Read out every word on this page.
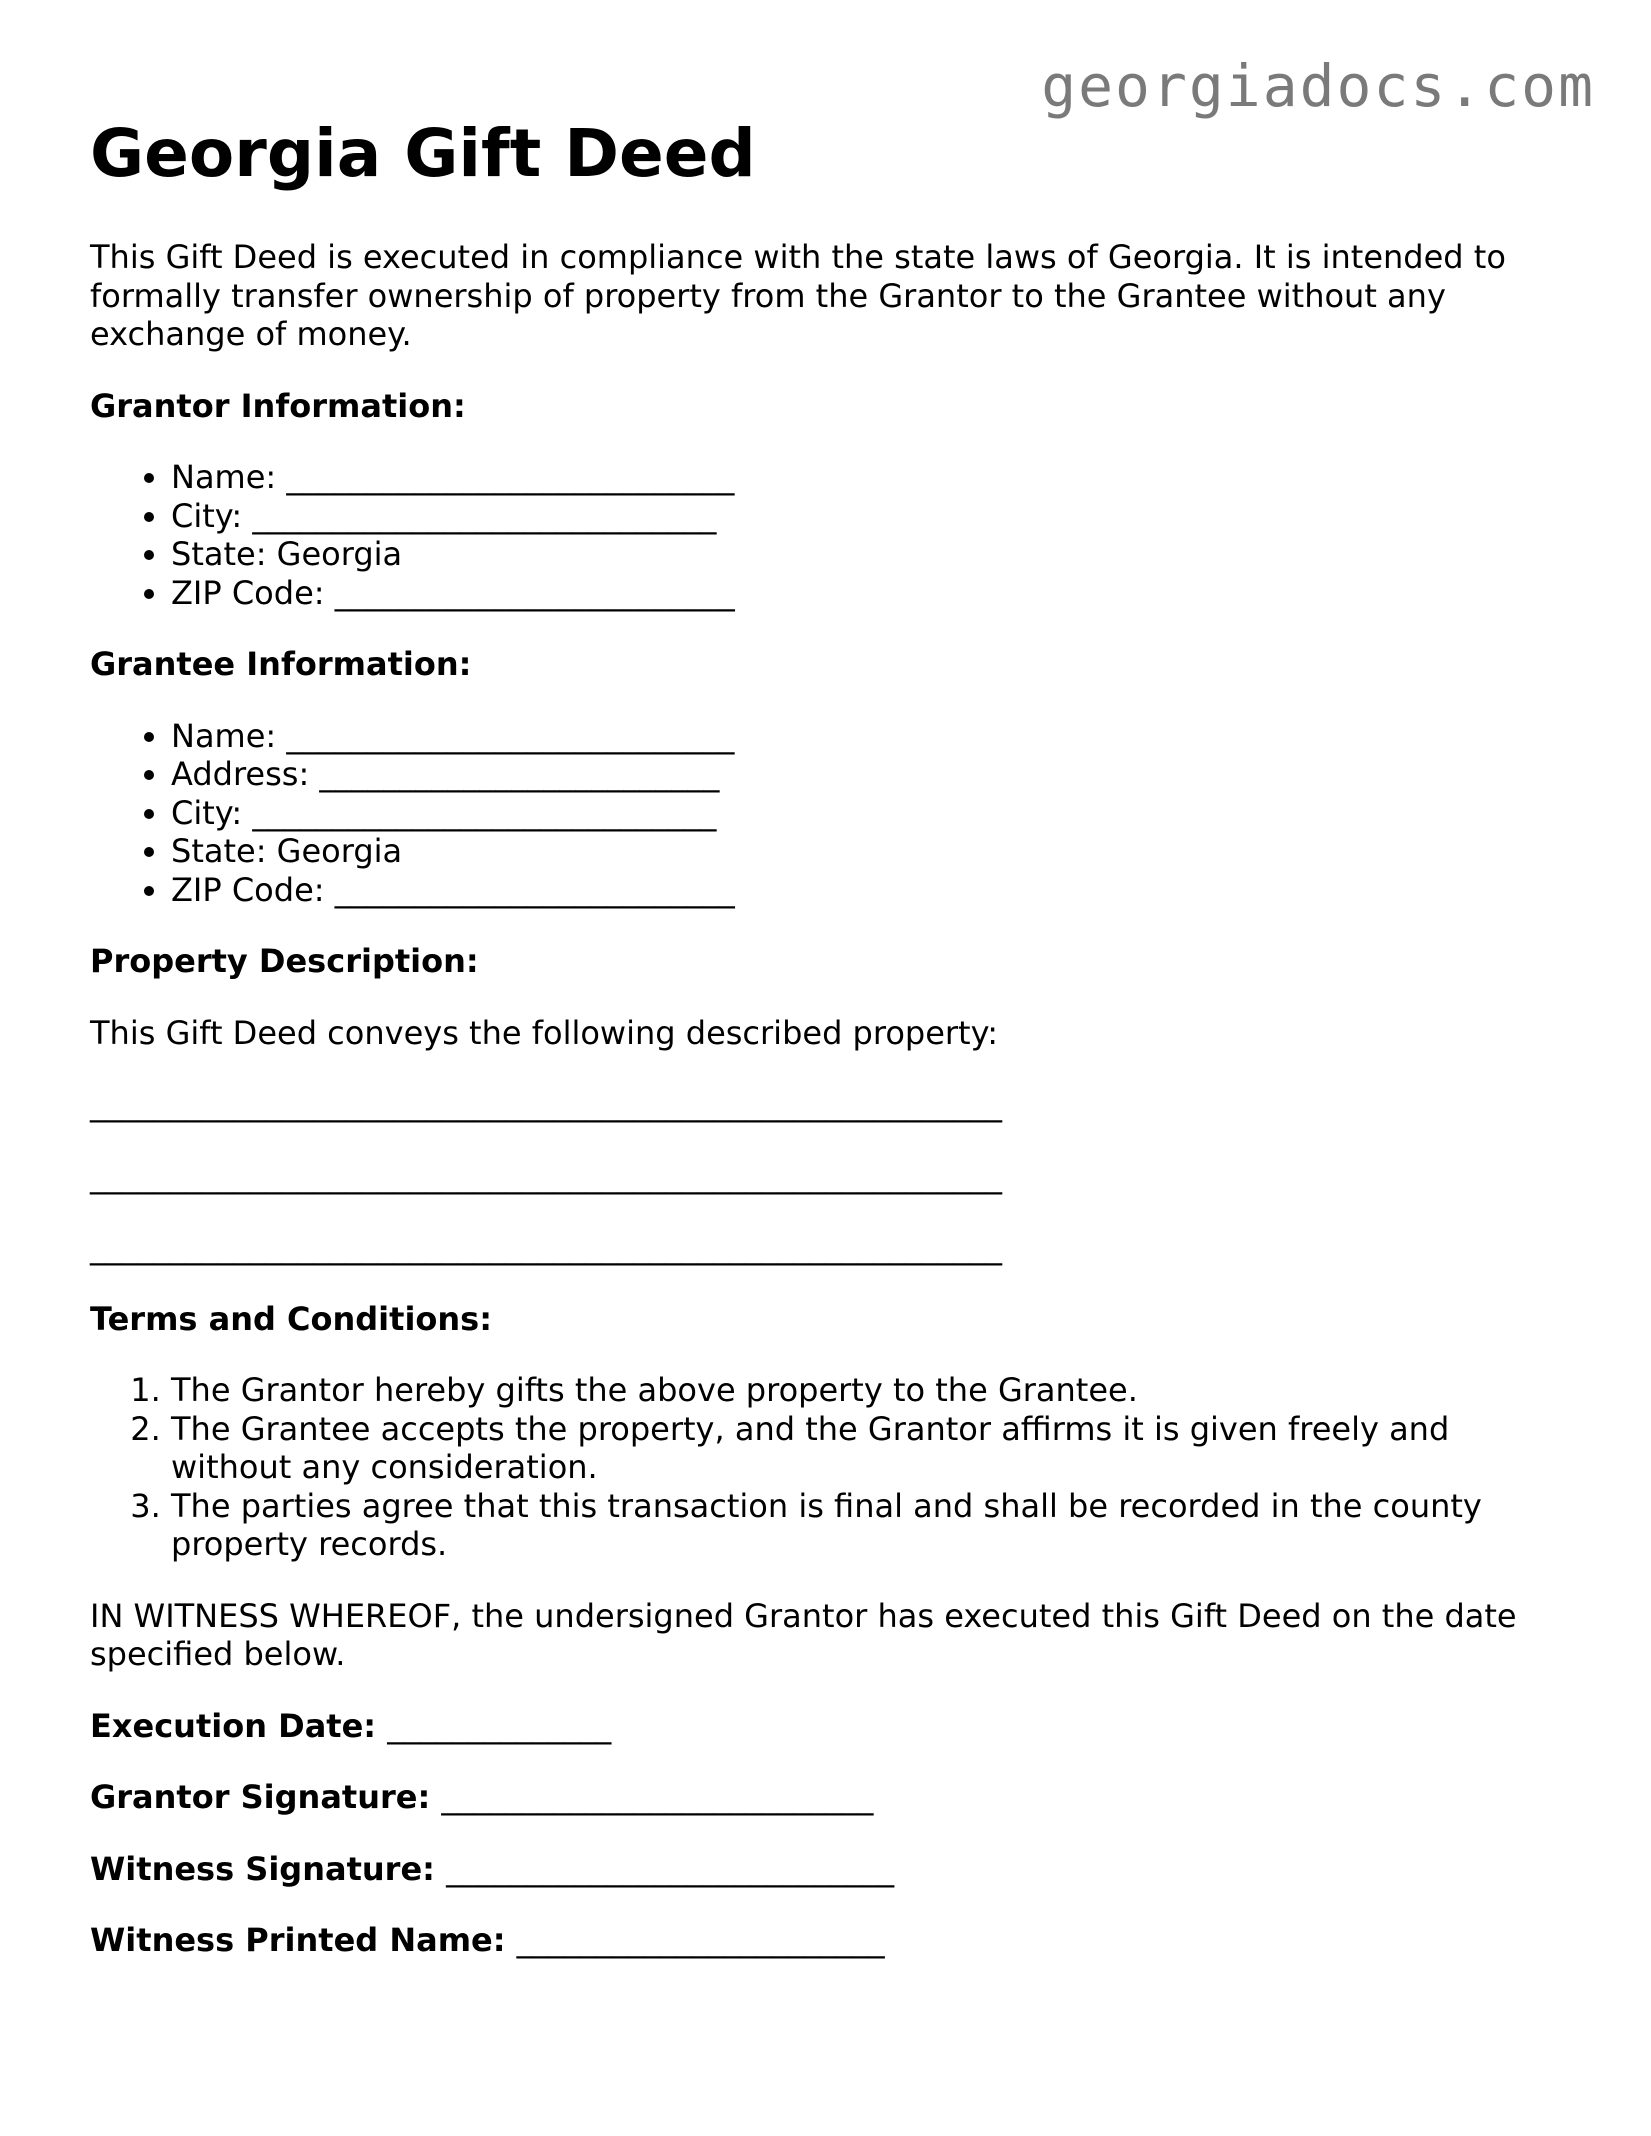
georgiadocs.com
Georgia Gift Deed

This Gift Deed is executed in compliance with the state laws of Georgia. It is intended to formally transfer ownership of property from the Grantor to the Grantee without any exchange of money.

Grantor Information:

• Name: ____________________________
• City: _____________________________
• State: Georgia
• ZIP Code: _________________________

Grantee Information:

• Name: ____________________________
• Address: _________________________
• City: _____________________________
• State: Georgia
• ZIP Code: _________________________

Property Description:

This Gift Deed conveys the following described property:

_________________________________________________________

_________________________________________________________

_________________________________________________________

Terms and Conditions:

1. The Grantor hereby gifts the above property to the Grantee.
2. The Grantee accepts the property, and the Grantor affirms it is given freely and without any consideration.
3. The parties agree that this transaction is final and shall be recorded in the county property records.

IN WITNESS WHEREOF, the undersigned Grantor has executed this Gift Deed on the date specified below.

Execution Date: ______________

Grantor Signature: ___________________________

Witness Signature: ____________________________

Witness Printed Name: _______________________
